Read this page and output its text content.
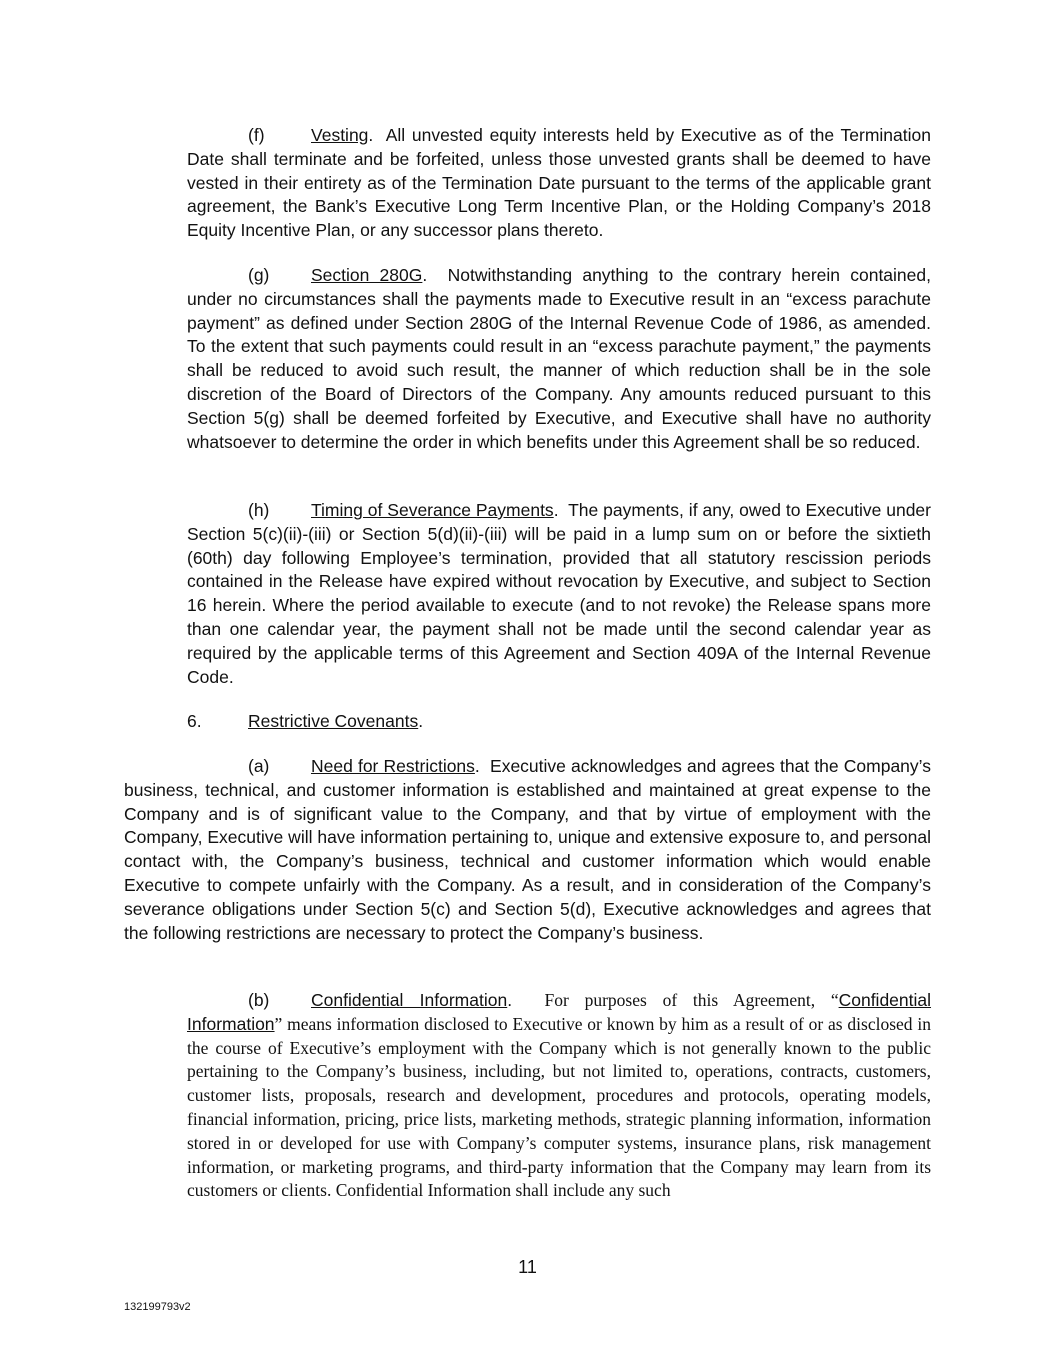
(f)	Vesting.  All unvested equity interests held by Executive as of the Termination Date shall terminate and be forfeited, unless those unvested grants shall be deemed to have vested in their entirety as of the Termination Date pursuant to the terms of the applicable grant agreement, the Bank’s Executive Long Term Incentive Plan, or the Holding Company’s 2018 Equity Incentive Plan, or any successor plans thereto.

(g) Section 280G.  Notwithstanding anything to the contrary herein contained, under no circumstances shall the payments made to Executive result in an “excess parachute payment” as defined under Section 280G of the Internal Revenue Code of 1986, as amended. To the extent that such payments could result in an “excess parachute payment,” the payments shall be reduced to avoid such result, the manner of which reduction shall be in the sole discretion of the Board of Directors of the Company. Any amounts reduced pursuant to this Section 5(g) shall be deemed forfeited by Executive, and Executive shall have no authority whatsoever to determine the order in which benefits under this Agreement shall be so reduced.

(h) Timing of Severance Payments.  The payments, if any, owed to Executive under Section 5(c)(ii)-(iii) or Section 5(d)(ii)-(iii) will be paid in a lump sum on or before the sixtieth (60th) day following Employee’s termination, provided that all statutory rescission periods contained in the Release have expired without revocation by Executive, and subject to Section 16 herein. Where the period available to execute (and to not revoke) the Release spans more than one calendar year, the payment shall not be made until the second calendar year as required by the applicable terms of this Agreement and Section 409A of the Internal Revenue Code.

6.	Restrictive Covenants.

(a) Need for Restrictions.  Executive acknowledges and agrees that the Company’s business, technical, and customer information is established and maintained at great expense to the Company and is of significant value to the Company, and that by virtue of employment with the Company, Executive will have information pertaining to, unique and extensive exposure to, and personal contact with, the Company’s business, technical and customer information which would enable Executive to compete unfairly with the Company. As a result, and in consideration of the Company’s severance obligations under Section 5(c) and Section 5(d), Executive acknowledges and agrees that the following restrictions are necessary to protect the Company’s business.

(b) Confidential Information.  For purposes of this Agreement, “Confidential Information” means information disclosed to Executive or known by him as a result of or as disclosed in the course of Executive’s employment with the Company which is not generally known to the public pertaining to the Company’s business, including, but not limited to, operations, contracts, customers, customer lists, proposals, research and development, procedures and protocols, operating models, financial information, pricing, price lists, marketing methods, strategic planning information, information stored in or developed for use with Company’s computer systems, insurance plans, risk management information, or marketing programs, and third-party information that the Company may learn from its customers or clients. Confidential Information shall include any such

11
132199793v2
